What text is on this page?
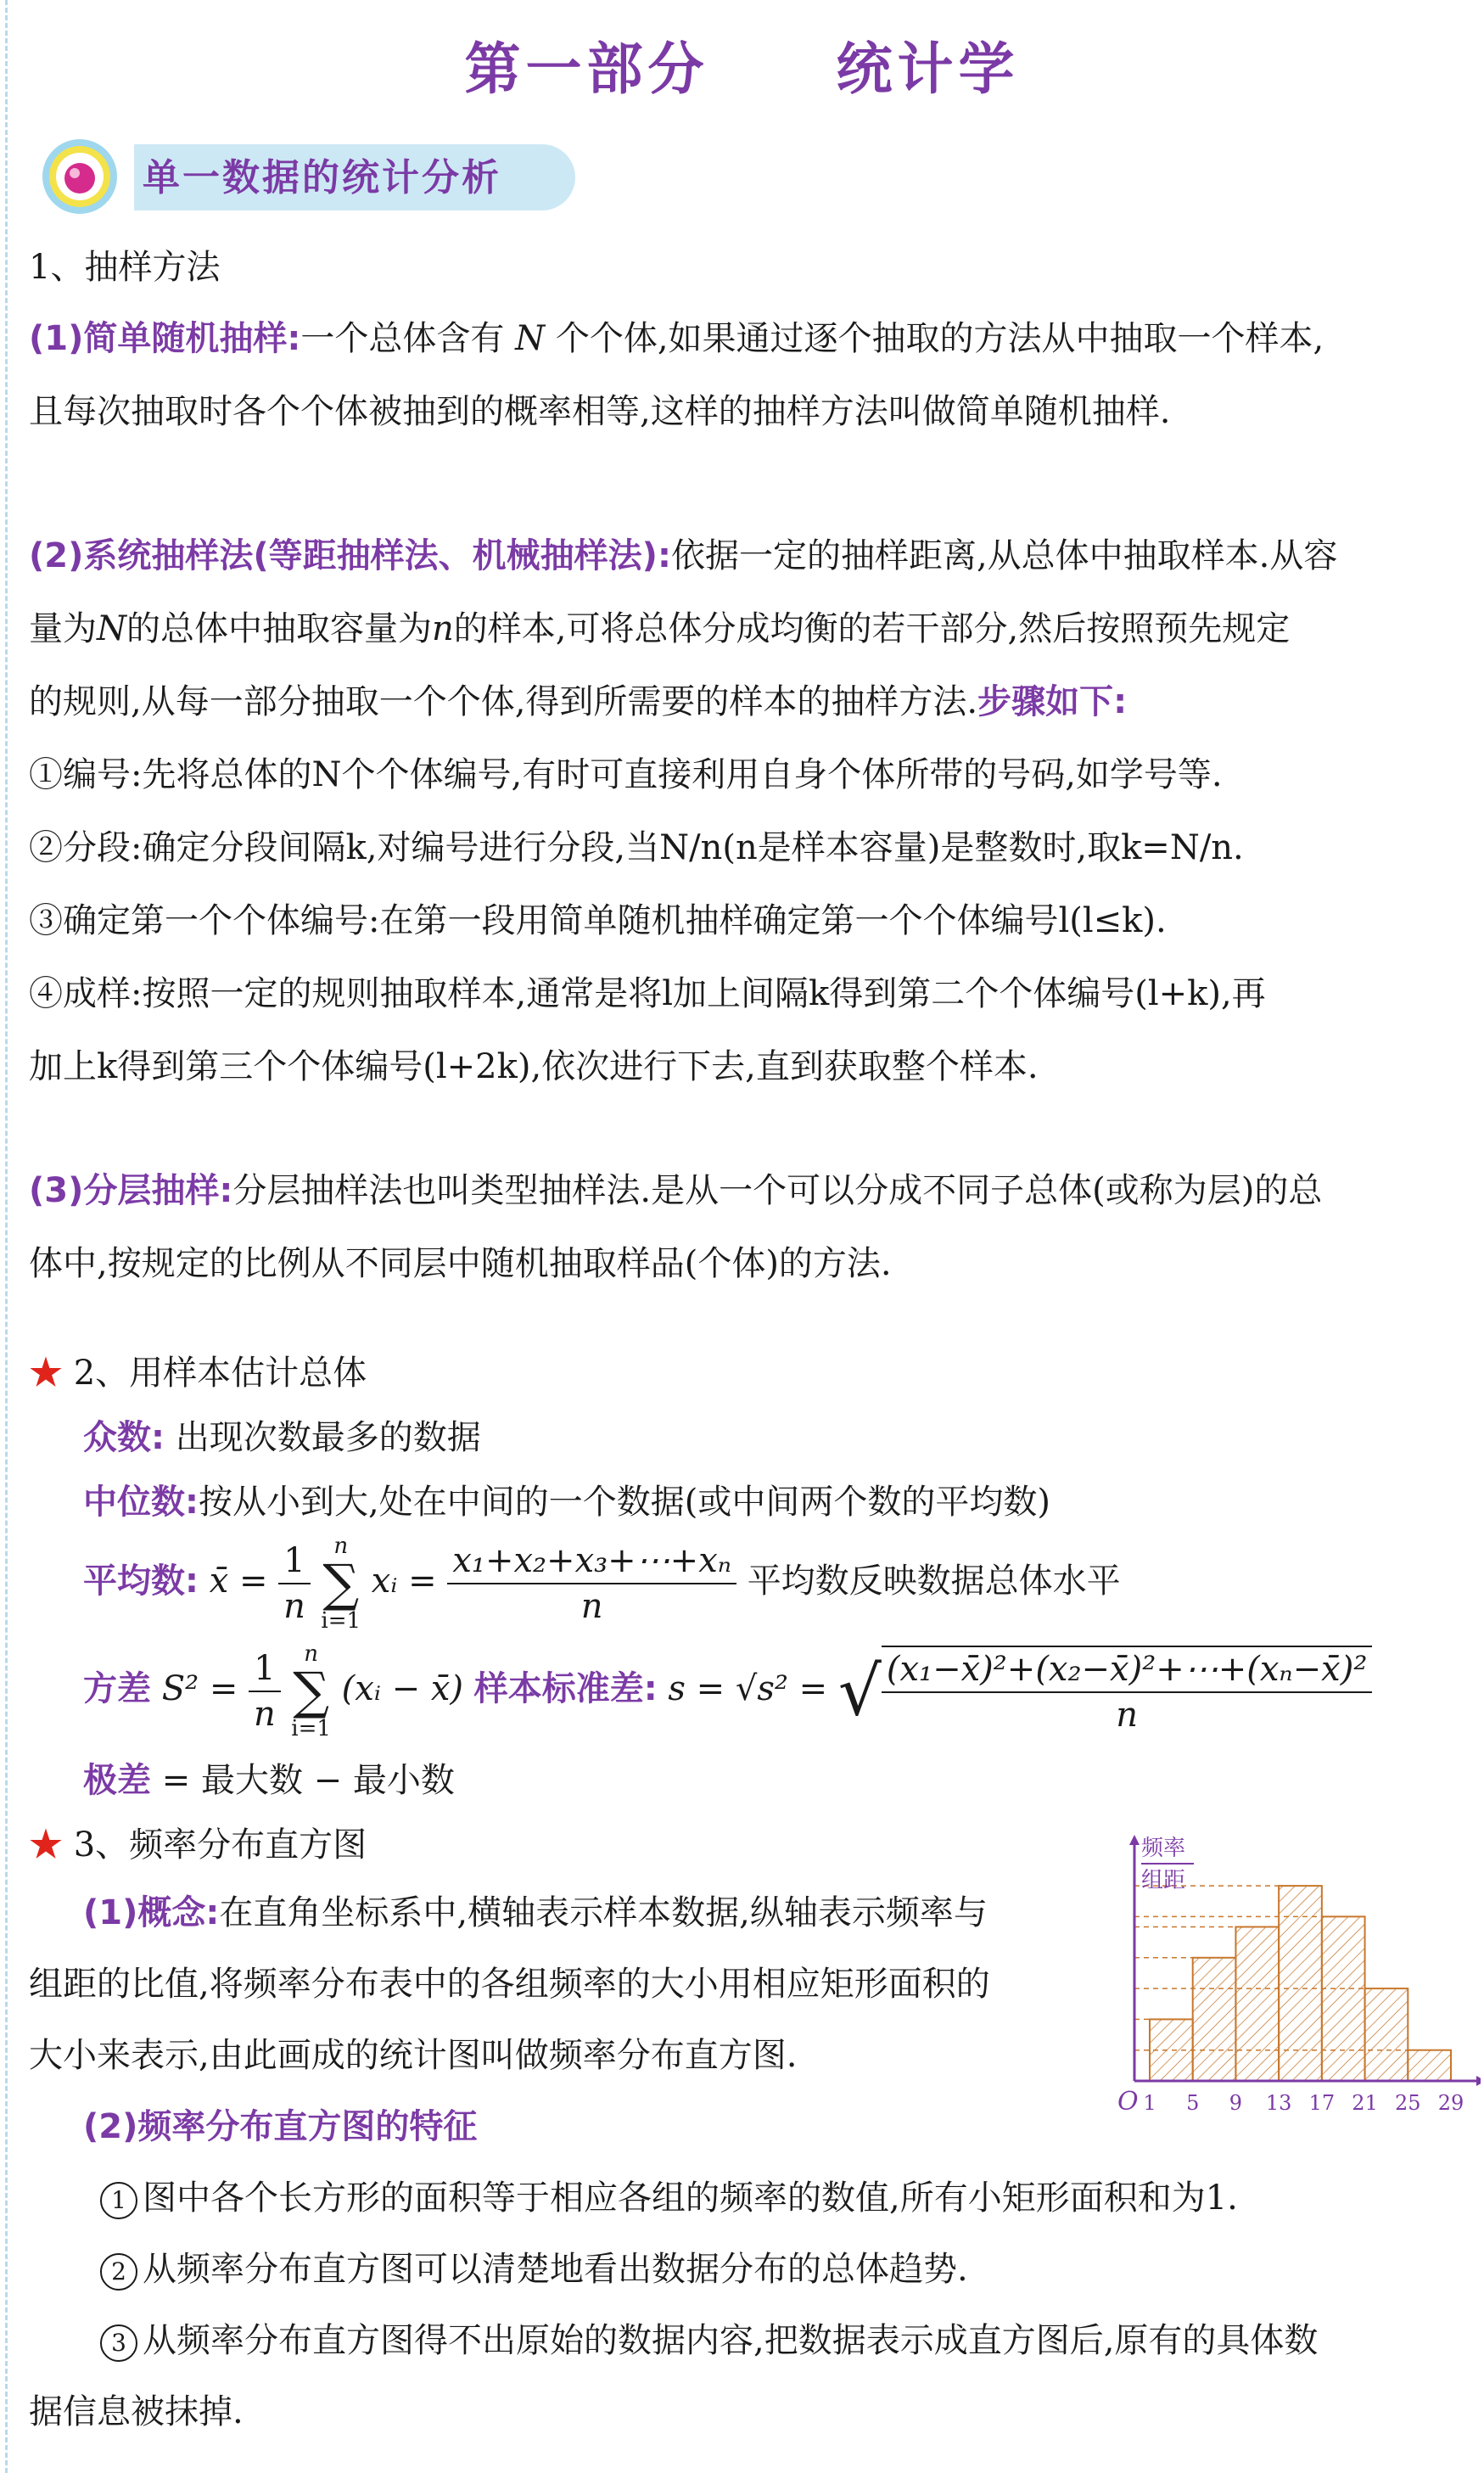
第一部分 统计学
单一数据的统计分析
1、抽样方法
(1)简单随机抽样:一个总体含有 N 个个体,如果通过逐个抽取的方法从中抽取一个样本,
且每次抽取时各个个体被抽到的概率相等,这样的抽样方法叫做简单随机抽样.
(2)系统抽样法(等距抽样法、机械抽样法):依据一定的抽样距离,从总体中抽取样本.从容
量为N的总体中抽取容量为n的样本,可将总体分成均衡的若干部分,然后按照预先规定
的规则,从每一部分抽取一个个体,得到所需要的样本的抽样方法.步骤如下:
①编号:先将总体的N个个体编号,有时可直接利用自身个体所带的号码,如学号等.
②分段:确定分段间隔k,对编号进行分段,当N/n(n是样本容量)是整数时,取k=N/n.
③确定第一个个体编号:在第一段用简单随机抽样确定第一个个体编号l(l≤k).
④成样:按照一定的规则抽取样本,通常是将l加上间隔k得到第二个个体编号(l+k),再
加上k得到第三个个体编号(l+2k),依次进行下去,直到获取整个样本.
(3)分层抽样:分层抽样法也叫类型抽样法.是从一个可以分成不同子总体(或称为层)的总
体中,按规定的比例从不同层中随机抽取样品(个体)的方法.
★ 2、用样本估计总体
众数: 出现次数最多的数据
中位数:按从小到大,处在中间的一个数据(或中间两个数的平均数)
平均数: x̄ = $\frac{1}{n}$ n
∑
i=1 xᵢ = $\frac{\text{x₁+x₂+x₃+⋯+xₙ}}{n}$ 平均数反映数据总体水平
方差 $S^2 = \frac{1}{n}$ n
∑
i=1 (xᵢ − x̄) 样本标准差: s = √s² = √ $\frac{\text{(x₁−x̄)²+(x₂−x̄)²+⋯+(xₙ−x̄)²}}{n}$
极差 = 最大数 − 最小数
★ 3、频率分布直方图
(1)概念:在直角坐标系中,横轴表示样本数据,纵轴表示频率与
组距的比值,将频率分布表中的各组频率的大小用相应矩形面积的
大小来表示,由此画成的统计图叫做频率分布直方图.
(2)频率分布直方图的特征
1 图中各个长方形的面积等于相应各组的频率的数值,所有小矩形面积和为1.
2 从频率分布直方图可以清楚地看出数据分布的总体趋势.
3 从频率分布直方图得不出原始的数据内容,把数据表示成直方图后,原有的具体数
据信息被抹掉.
频率
组距
O 1 5 9 13 17 21 25 29
